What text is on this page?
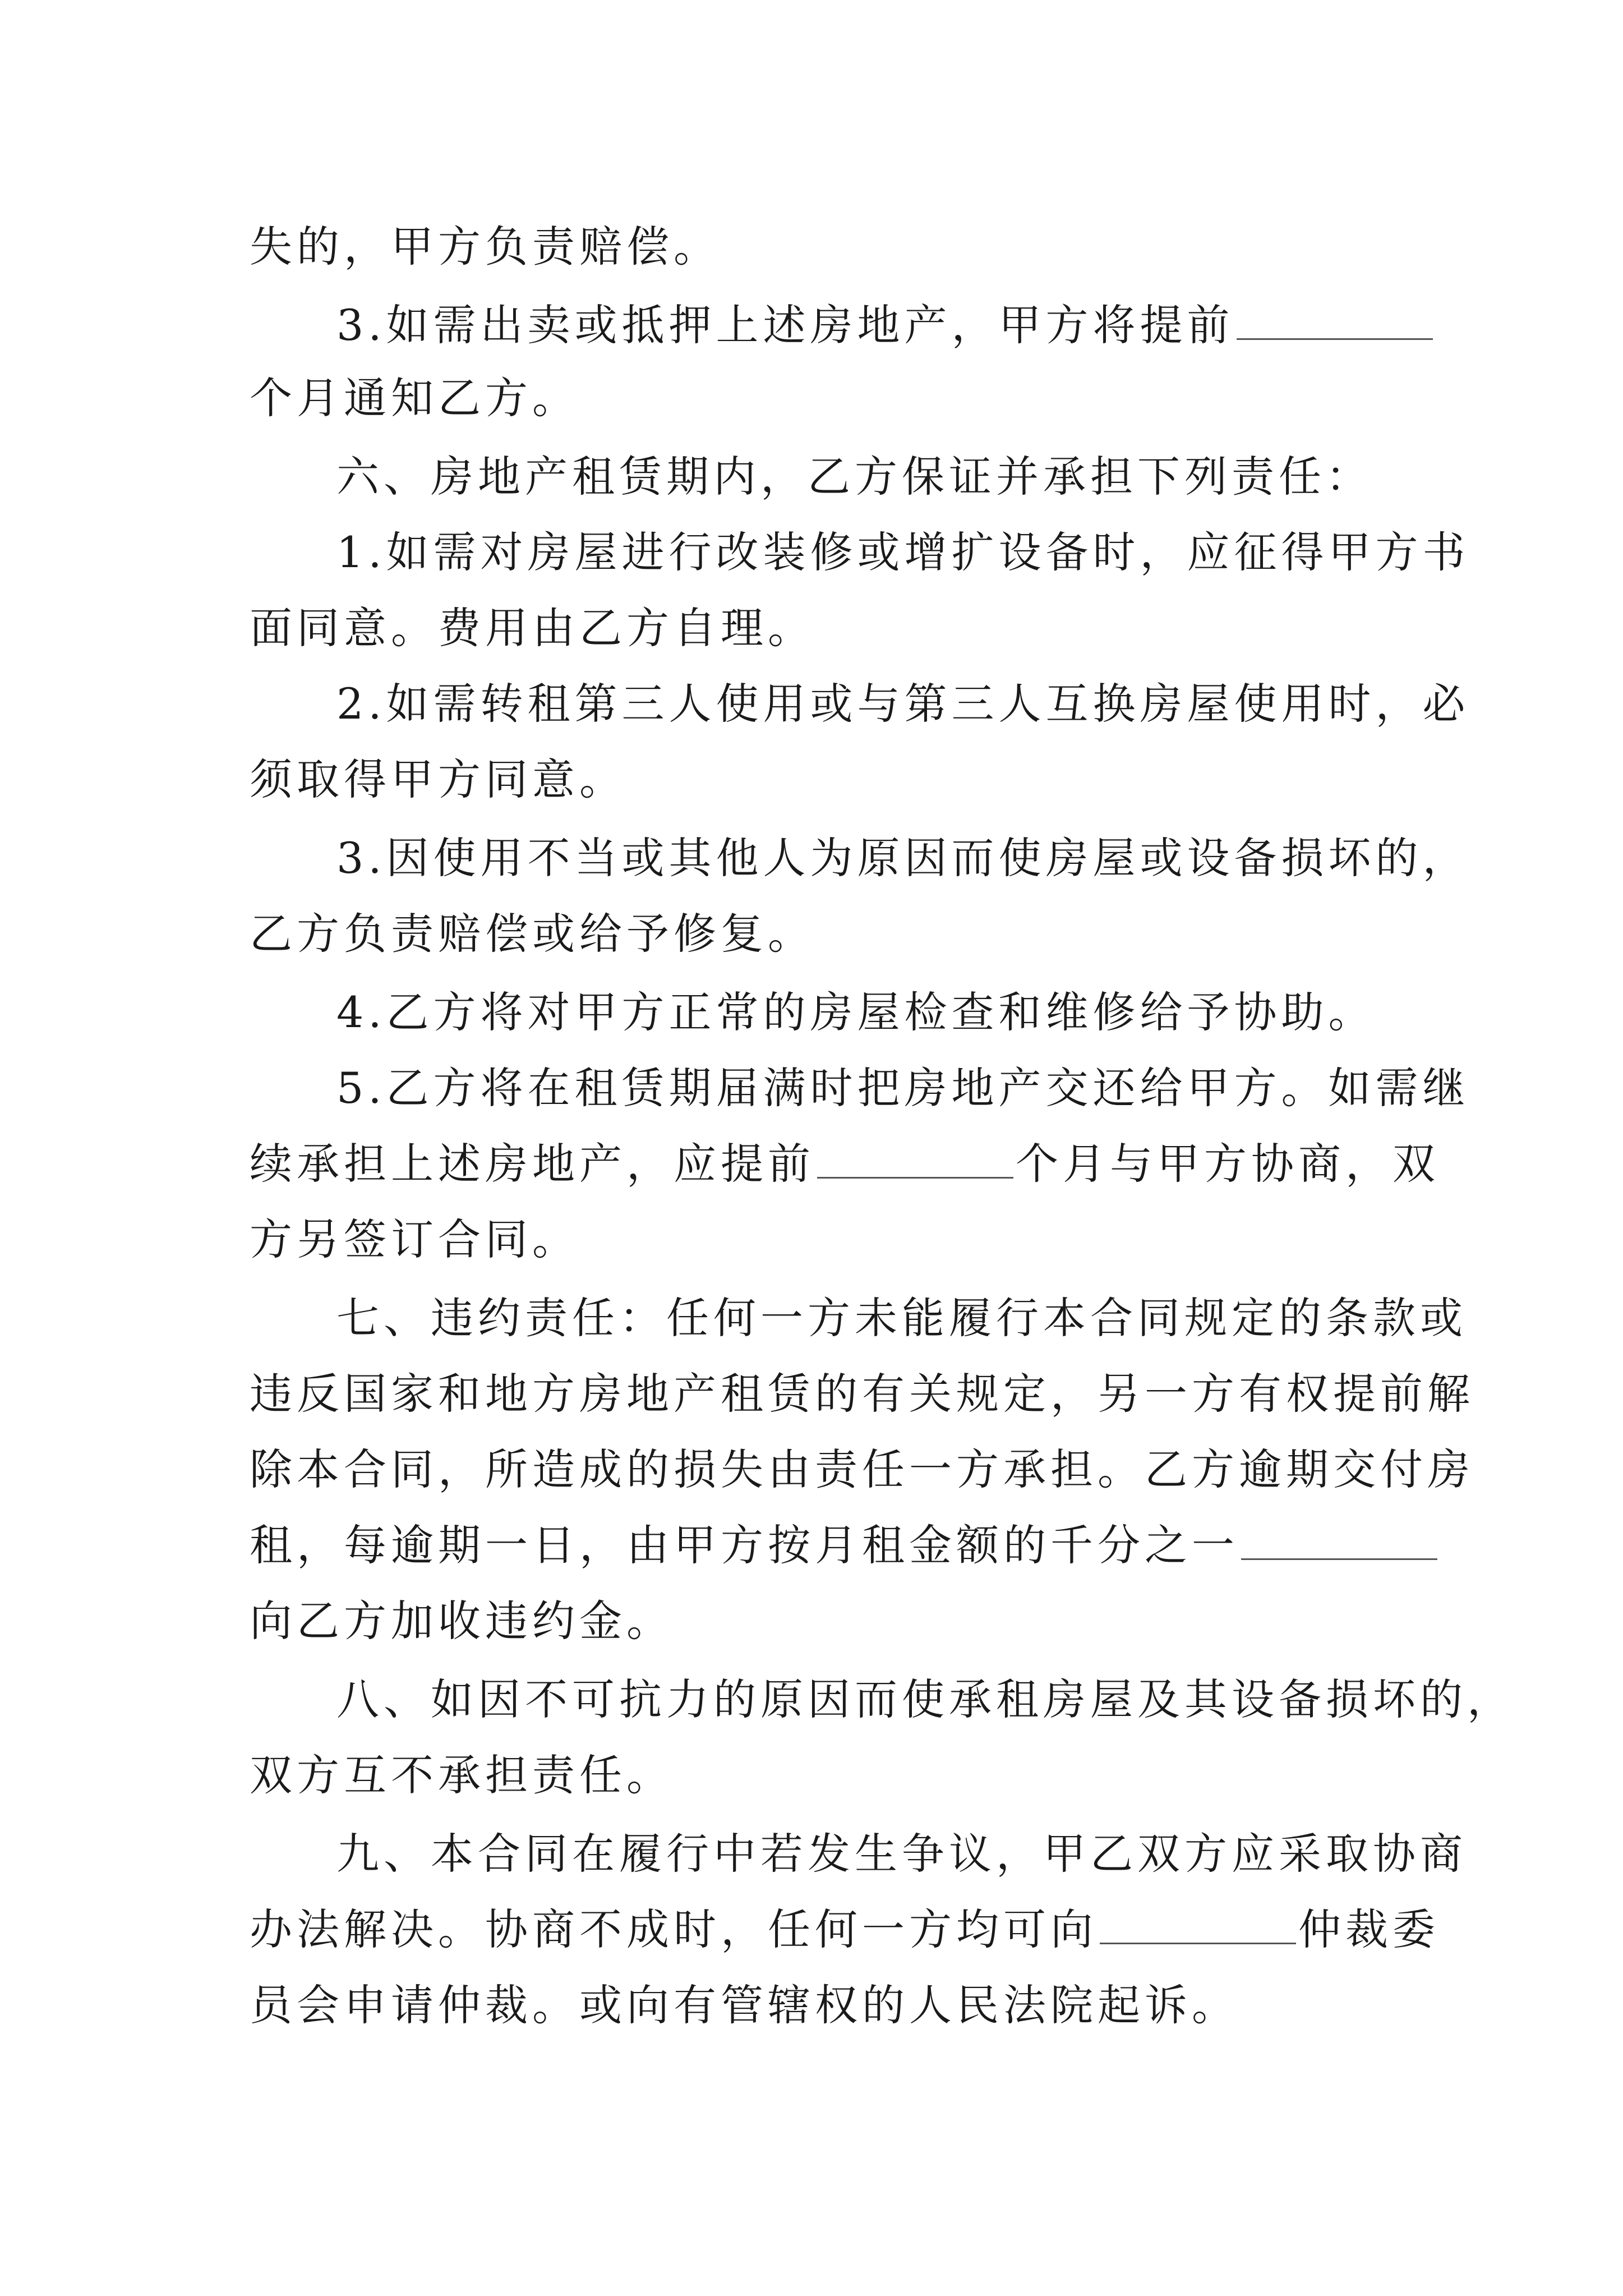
失的，甲方负责赔偿。
3.如需出卖或抵押上述房地产，甲方将提前
个月通知乙方。
六、房地产租赁期内，乙方保证并承担下列责任：
1.如需对房屋进行改装修或增扩设备时，应征得甲方书
面同意。费用由乙方自理。
2.如需转租第三人使用或与第三人互换房屋使用时，必
须取得甲方同意。
3.因使用不当或其他人为原因而使房屋或设备损坏的，
乙方负责赔偿或给予修复。
4.乙方将对甲方正常的房屋检查和维修给予协助。
5.乙方将在租赁期届满时把房地产交还给甲方。如需继
续承担上述房地产，应提前	个月与甲方协商，双
方另签订合同。
七、违约责任：任何一方未能履行本合同规定的条款或
违反国家和地方房地产租赁的有关规定，另一方有权提前解
除本合同，所造成的损失由责任一方承担。乙方逾期交付房
租，每逾期一日，由甲方按月租金额的千分之一
向乙方加收违约金。
八、如因不可抗力的原因而使承租房屋及其设备损坏的，
双方互不承担责任。
九、本合同在履行中若发生争议，甲乙双方应采取协商
办法解决。协商不成时，任何一方均可向	仲裁委
员会申请仲裁。或向有管辖权的人民法院起诉。
